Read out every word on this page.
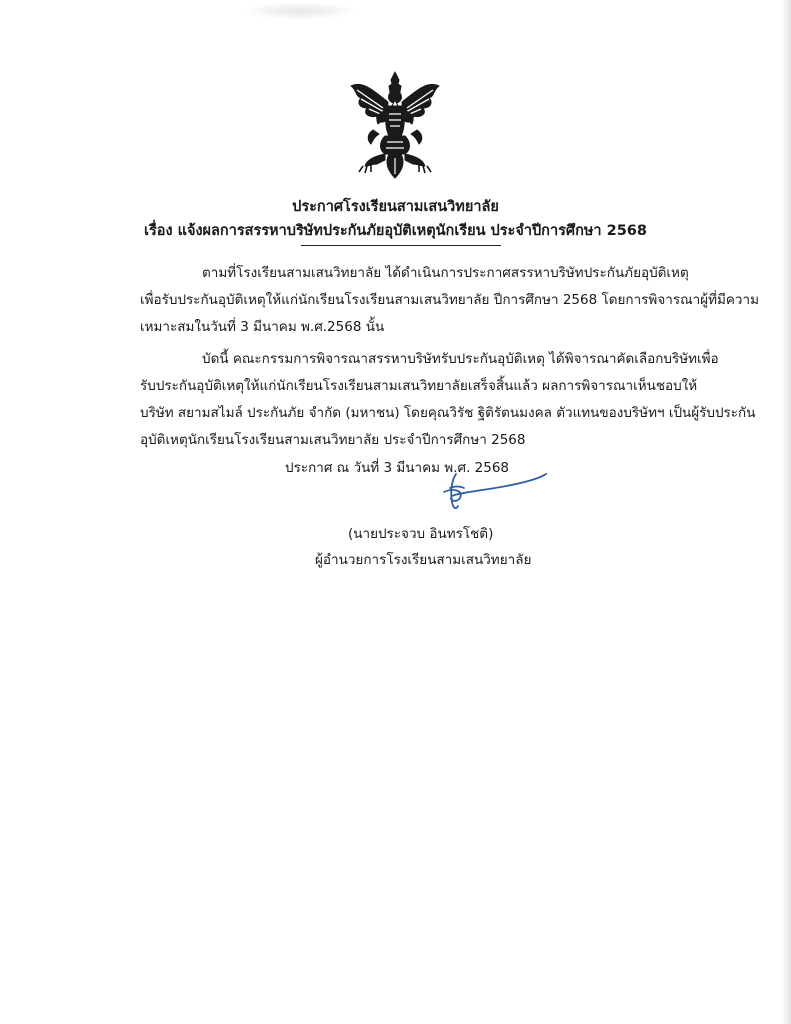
ประกาศโรงเรียนสามเสนวิทยาลัย
เรื่อง แจ้งผลการสรรหาบริษัทประกันภัยอุบัติเหตุนักเรียน ประจำปีการศึกษา 2568
ตามที่โรงเรียนสามเสนวิทยาลัย ได้ดำเนินการประกาศสรรหาบริษัทประกันภัยอุบัติเหตุ
เพื่อรับประกันอุบัติเหตุให้แก่นักเรียนโรงเรียนสามเสนวิทยาลัย ปีการศึกษา 2568 โดยการพิจารณาผู้ที่มีความ
เหมาะสมในวันที่ 3 มีนาคม พ.ศ.2568 นั้น
บัดนี้ คณะกรรมการพิจารณาสรรหาบริษัทรับประกันอุบัติเหตุ ได้พิจารณาคัดเลือกบริษัทเพื่อ
รับประกันอุบัติเหตุให้แก่นักเรียนโรงเรียนสามเสนวิทยาลัยเสร็จสิ้นแล้ว ผลการพิจารณาเห็นชอบให้
บริษัท สยามสไมล์ ประกันภัย จำกัด (มหาชน) โดยคุณวิรัช ฐิติรัตนมงคล ตัวแทนของบริษัทฯ เป็นผู้รับประกัน
อุบัติเหตุนักเรียนโรงเรียนสามเสนวิทยาลัย ประจำปีการศึกษา 2568
ประกาศ ณ วันที่ 3 มีนาคม พ.ศ. 2568
(นายประจวบ อินทรโชติ)
ผู้อำนวยการโรงเรียนสามเสนวิทยาลัย
